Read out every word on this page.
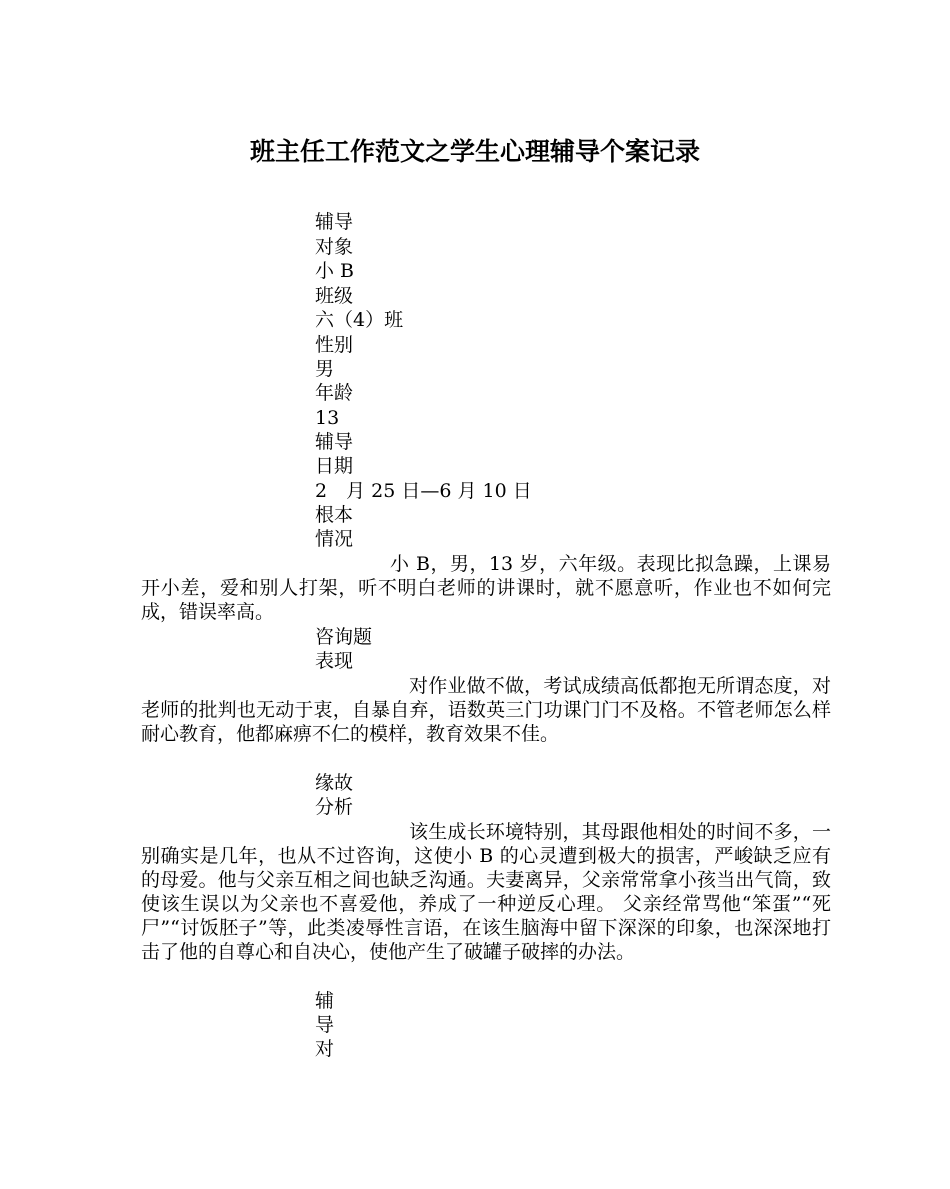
班主任工作范文之学生心理辅导个案记录

辅导

对象

小 B

班级

六（4）班

性别

男

年龄

13

辅导

日期

2　月 25 日—6 月 10 日

根本

情况

小 B，男，13 岁，六年级。表现比拟急躁，上课易开小差，爱和别人打架，听不明白老师的讲课时，就不愿意听，作业也不如何完成，错误率高。

咨询题

表现

对作业做不做，考试成绩高低都抱无所谓态度，对老师的批判也无动于衷，自暴自弃，语数英三门功课门门不及格。不管老师怎么样耐心教育，他都麻痹不仁的模样，教育效果不佳。

缘故

分析

该生成长环境特别，其母跟他相处的时间不多，一别确实是几年，也从不过咨询，这使小 B 的心灵遭到极大的损害，严峻缺乏应有的母爱。他与父亲互相之间也缺乏沟通。夫妻离异，父亲常常拿小孩当出气筒，致使该生误以为父亲也不喜爱他，养成了一种逆反心理。 父亲经常骂他“笨蛋”“死尸”“讨饭胚子”等，此类凌辱性言语，在该生脑海中留下深深的印象，也深深地打击了他的自尊心和自决心，使他产生了破罐子破摔的办法。

辅

导

对
